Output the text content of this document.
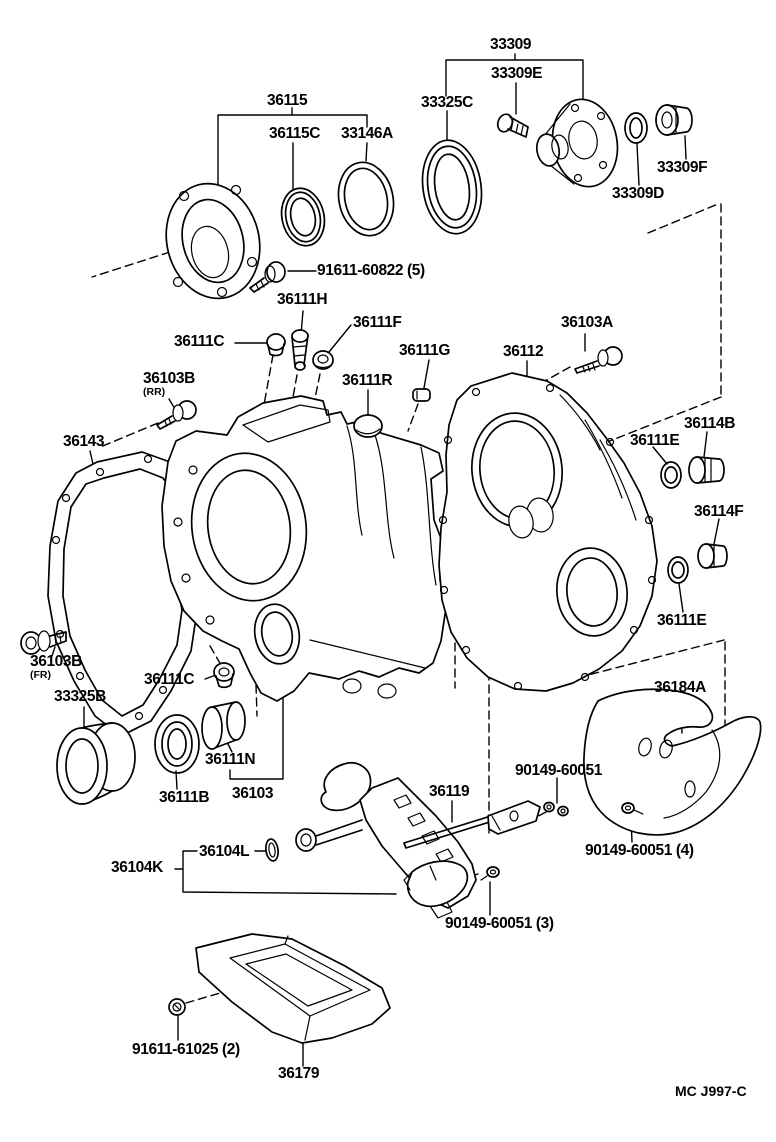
33309
33309E
33325C
36115
36115C 33146A
33309F
33309D
91611-60822 (5)
36111H
36111F
36111C
36111G	36112
36103A
36103B
(RR)
36111R
36114B
36111E
36143
36114F
36111E
36103B
(FR)	36111C
33325B
36184A
36111N
36111B 36103	36119
90149-60051
90149-60051 (4)
36104L
36104K
90149-60051 (3)
91611-61025 (2)
36179
MC J997-C
